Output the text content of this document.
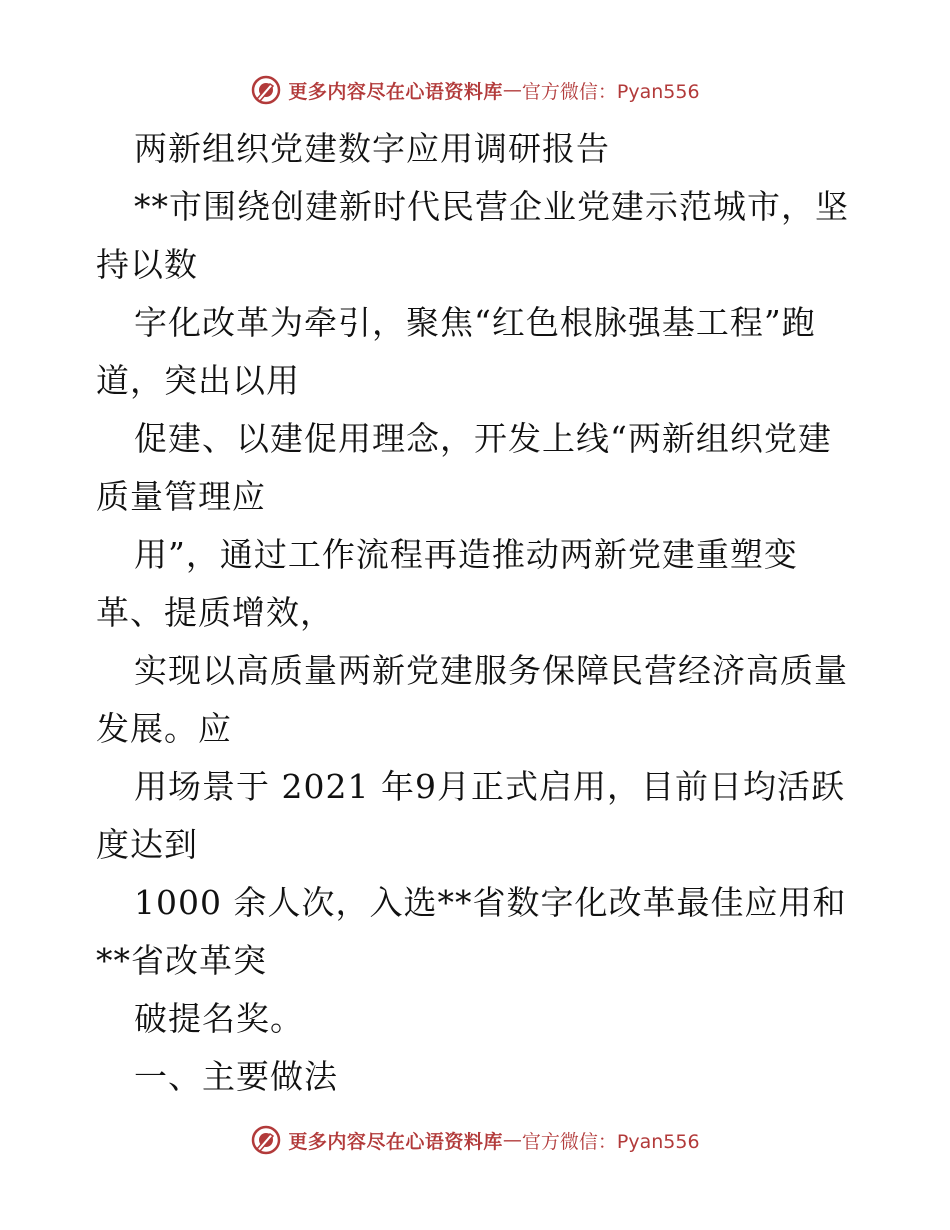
更多内容尽在心语资料库 — 官方微信：Pyan556
两新组织党建数字应用调研报告
**市围绕创建新时代民营企业党建示范城市，坚
持以数
字化改革为牵引，聚焦“红色根脉强基工程”跑
道，突出以用
促建、以建促用理念，开发上线“两新组织党建
质量管理应
用”，通过工作流程再造推动两新党建重塑变
革、提质增效，
实现以高质量两新党建服务保障民营经济高质量
发展。应
用场景于 2021 年9月正式启用，目前日均活跃
度达到
1000 余人次，入选**省数字化改革最佳应用和
**省改革突
破提名奖。
一、主要做法
更多内容尽在心语资料库 — 官方微信：Pyan556
